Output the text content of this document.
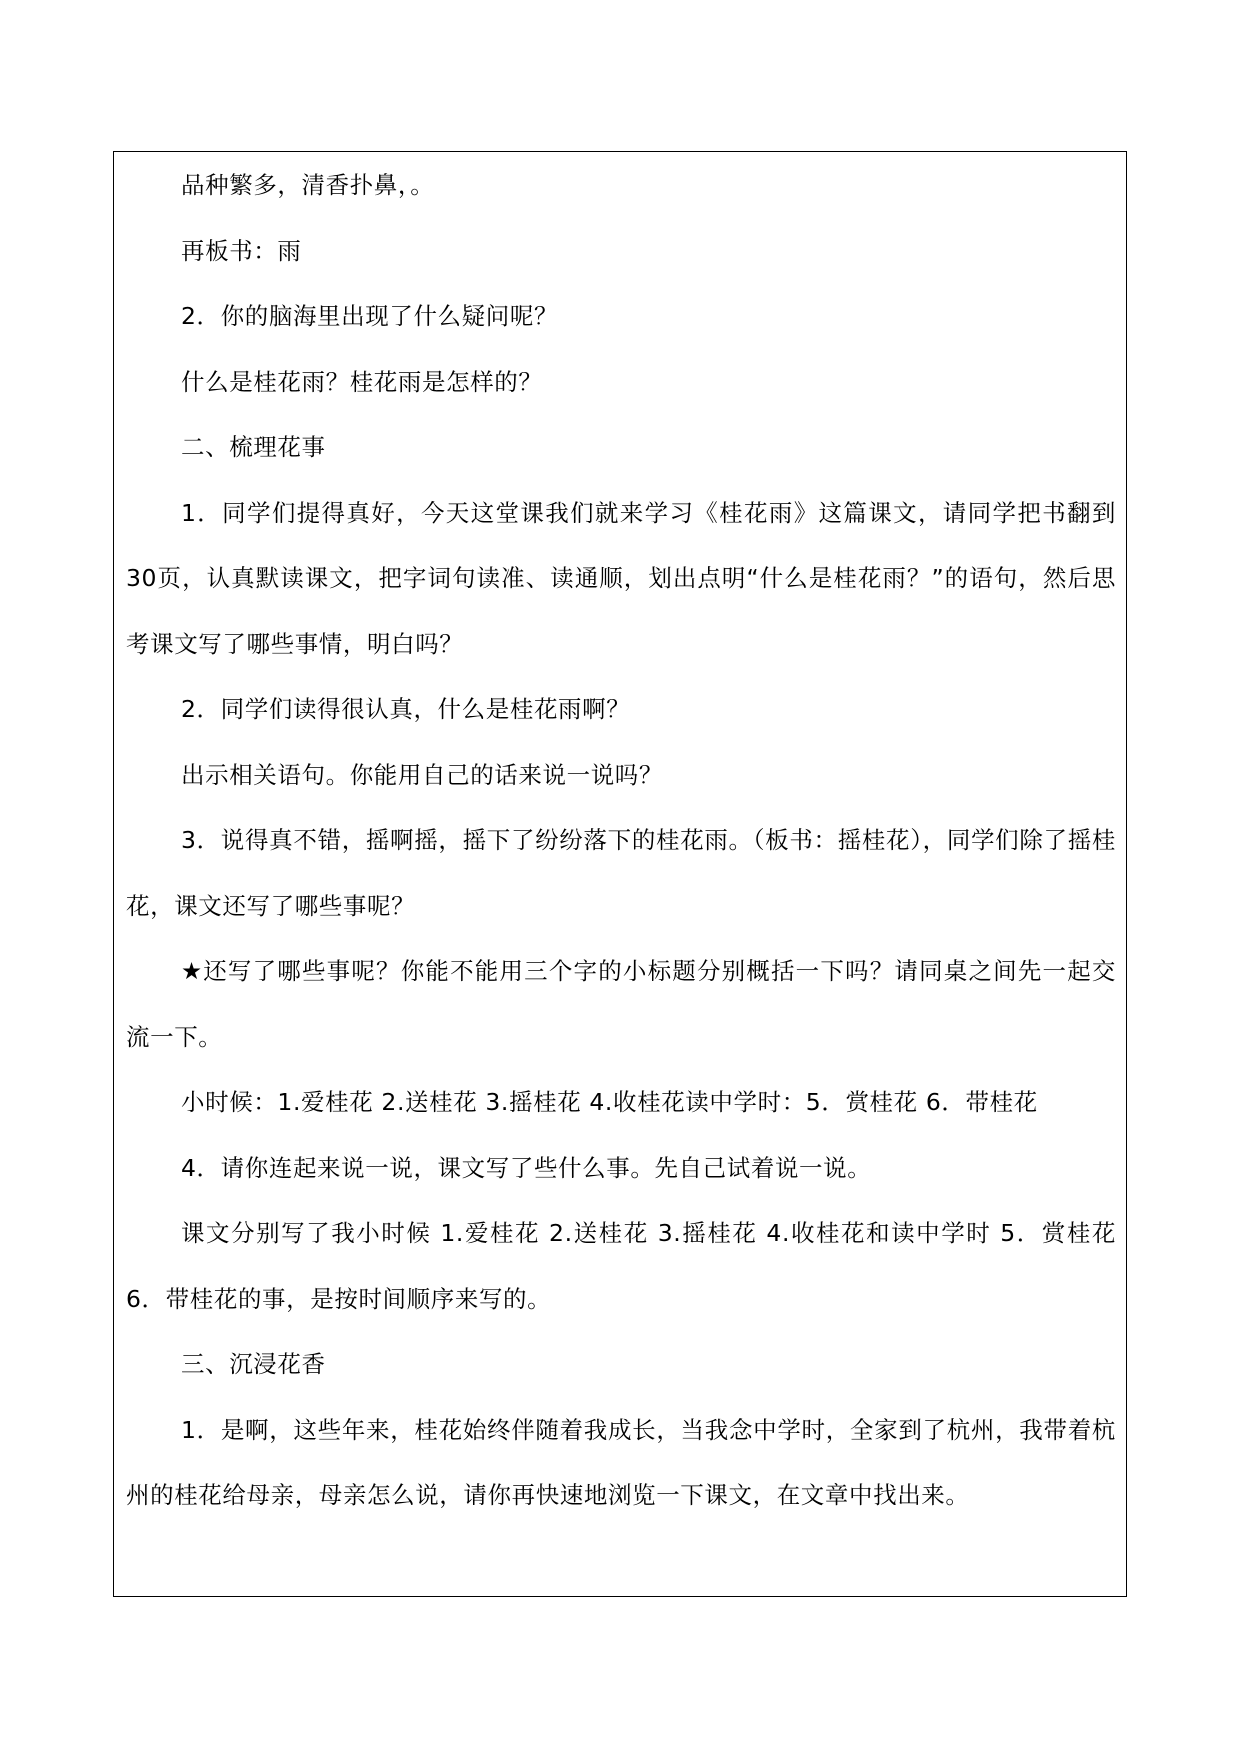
品种繁多，清香扑鼻，。

再板书：雨

2．你的脑海里出现了什么疑问呢？

什么是桂花雨？桂花雨是怎样的？

二、梳理花事

1．同学们提得真好，今天这堂课我们就来学习《桂花雨》这篇课文，请同学把书翻到30页，认真默读课文，把字词句读准、读通顺，划出点明“什么是桂花雨？”的语句，然后思考课文写了哪些事情，明白吗？

2．同学们读得很认真，什么是桂花雨啊？

出示相关语句。你能用自己的话来说一说吗？

3．说得真不错，摇啊摇，摇下了纷纷落下的桂花雨。（板书：摇桂花），同学们除了摇桂花，课文还写了哪些事呢？

★还写了哪些事呢？你能不能用三个字的小标题分别概括一下吗？请同桌之间先一起交流一下。

小时候：1.爱桂花 2.送桂花 3.摇桂花 4.收桂花读中学时：5．赏桂花 6．带桂花

4．请你连起来说一说，课文写了些什么事。先自己试着说一说。

课文分别写了我小时候 1.爱桂花 2.送桂花 3.摇桂花 4.收桂花和读中学时 5．赏桂花 6．带桂花的事，是按时间顺序来写的。

三、沉浸花香

1．是啊，这些年来，桂花始终伴随着我成长，当我念中学时，全家到了杭州，我带着杭州的桂花给母亲，母亲怎么说，请你再快速地浏览一下课文，在文章中找出来。
